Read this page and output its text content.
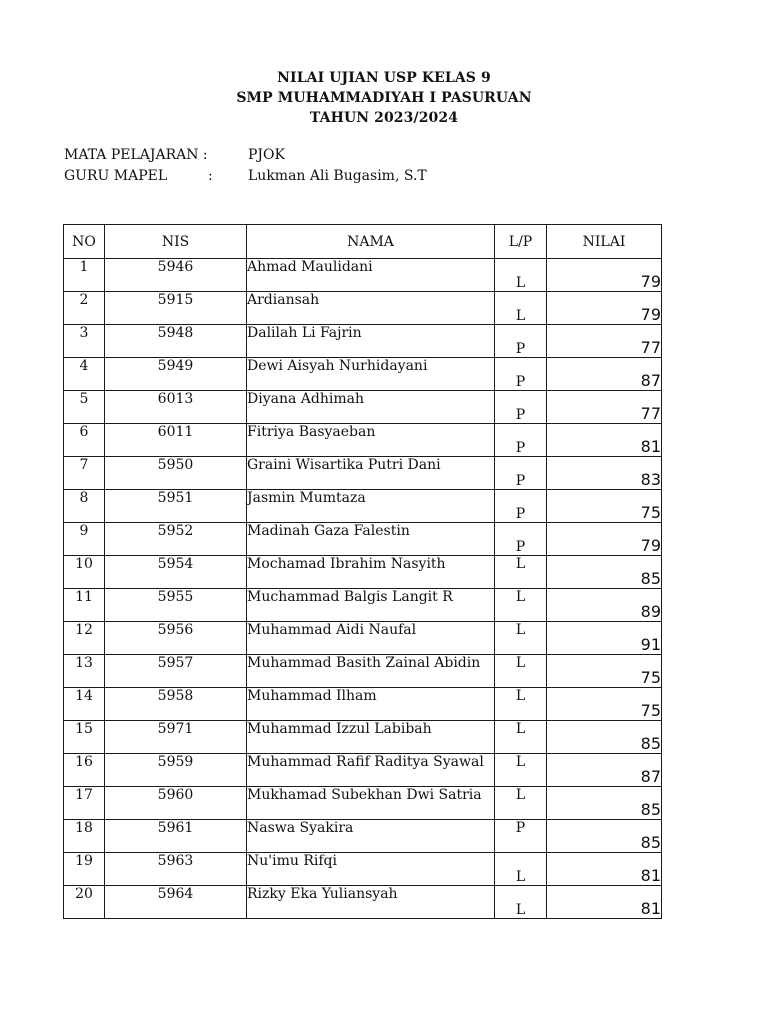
NILAI UJIAN USP KELAS 9
SMP MUHAMMADIYAH I PASURUAN
TAHUN 2023/2024
MATA PELAJARAN :	PJOK
GURU MAPEL	:	Lukman Ali Bugasim, S.T
NO	NIS	NAMA	L/P	NILAI
1	5946	Ahmad Maulidani	L	79
2	5915	Ardiansah	L	79
3	5948	Dalilah Li Fajrin	P	77
4	5949	Dewi Aisyah Nurhidayani	P	87
5	6013	Diyana Adhimah	P	77
6	6011	Fitriya Basyaeban	P	81
7	5950	Graini Wisartika Putri Dani	P	83
8	5951	Jasmin Mumtaza	P	75
9	5952	Madinah Gaza Falestin	P	79
10	5954	Mochamad Ibrahim Nasyith	L	85
11	5955	Muchammad Balgis Langit R	L	89
12	5956	Muhammad Aidi Naufal	L	91
13	5957	Muhammad Basith Zainal Abidin	L	75
14	5958	Muhammad Ilham	L	75
15	5971	Muhammad Izzul Labibah	L	85
16	5959	Muhammad Rafif Raditya Syawal	L	87
17	5960	Mukhamad Subekhan Dwi Satria	L	85
18	5961	Naswa Syakira	P	85
19	5963	Nu'imu Rifqi	L	81
20	5964	Rizky Eka Yuliansyah	L	81
